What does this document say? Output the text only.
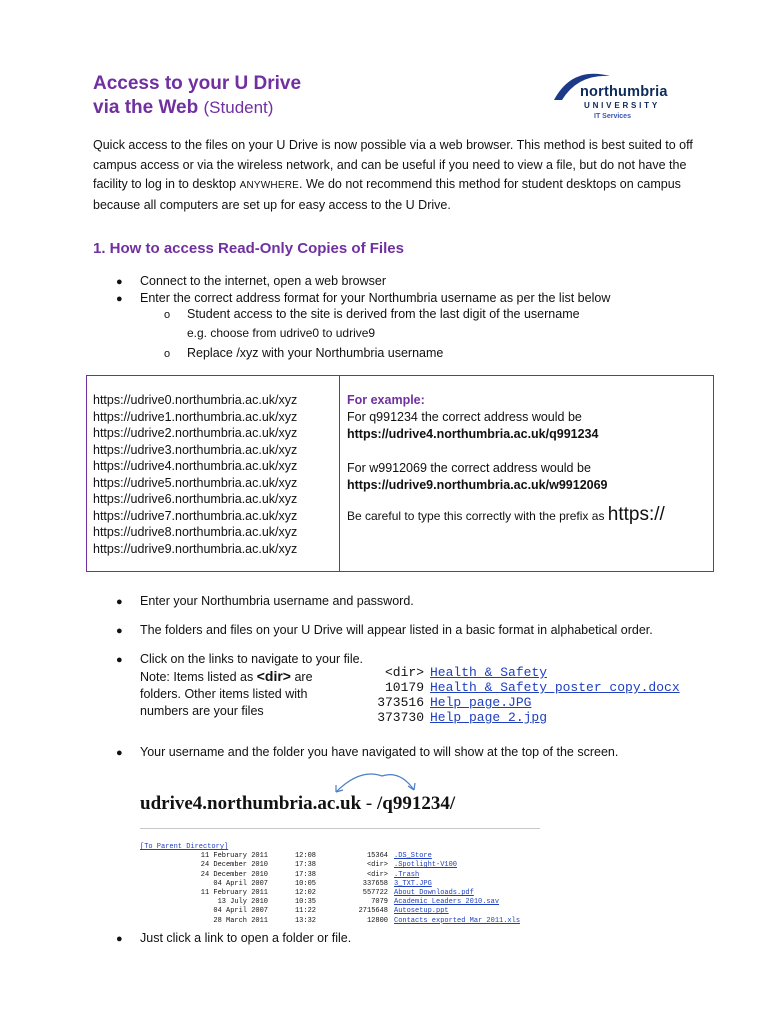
Access to your U Drive
via the Web (Student)
northumbria
UNIVERSITY
IT Services
Quick access to the files on your U Drive is now possible via a web browser. This method is best suited to off campus access or via the wireless network, and can be useful if you need to view a file, but do not have the facility to log in to desktop ANYWHERE. We do not recommend this method for student desktops on campus because all computers are set up for easy access to the U Drive.
1. How to access Read-Only Copies of Files
● Connect to the internet, open a web browser
● Enter the correct address format for your Northumbria username as per the list below
o Student access to the site is derived from the last digit of the username
e.g. choose from udrive0 to udrive9
o Replace /xyz with your Northumbria username
https://udrive0.northumbria.ac.uk/xyz
https://udrive1.northumbria.ac.uk/xyz
https://udrive2.northumbria.ac.uk/xyz
https://udrive3.northumbria.ac.uk/xyz
https://udrive4.northumbria.ac.uk/xyz
https://udrive5.northumbria.ac.uk/xyz
https://udrive6.northumbria.ac.uk/xyz
https://udrive7.northumbria.ac.uk/xyz
https://udrive8.northumbria.ac.uk/xyz
https://udrive9.northumbria.ac.uk/xyz
For example:
For q991234 the correct address would be
https://udrive4.northumbria.ac.uk/q991234
For w9912069 the correct address would be
https://udrive9.northumbria.ac.uk/w9912069
Be careful to type this correctly with the prefix as https://
● Enter your Northumbria username and password.
● The folders and files on your U Drive will appear listed in a basic format in alphabetical order.
● Click on the links to navigate to your file.
Note: Items listed as <dir> are
folders. Other items listed with
numbers are your files
<dir> Health & Safety
10179 Health & Safety poster copy.docx
373516 Help page.JPG
373730 Help page 2.jpg
● Your username and the folder you have navigated to will show at the top of the screen.
udrive4.northumbria.ac.uk - /q991234/
[To Parent Directory]
11 February 2011	12:08	15364 .DS_Store
24 December 2010	17:38	<dir> .Spotlight-V100
24 December 2010	17:38	<dir> .Trash
04 April 2007	10:05	337658 3_TXT.JPG
11 February 2011	12:02	557722 About Downloads.pdf
13 July 2010	10:35	7079 Academic Leaders 2010.sav
04 April 2007	11:22	2715648 Autosetup.ppt
28 March 2011	13:32	12800 Contacts exported Mar 2011.xls
● Just click a link to open a folder or file.
